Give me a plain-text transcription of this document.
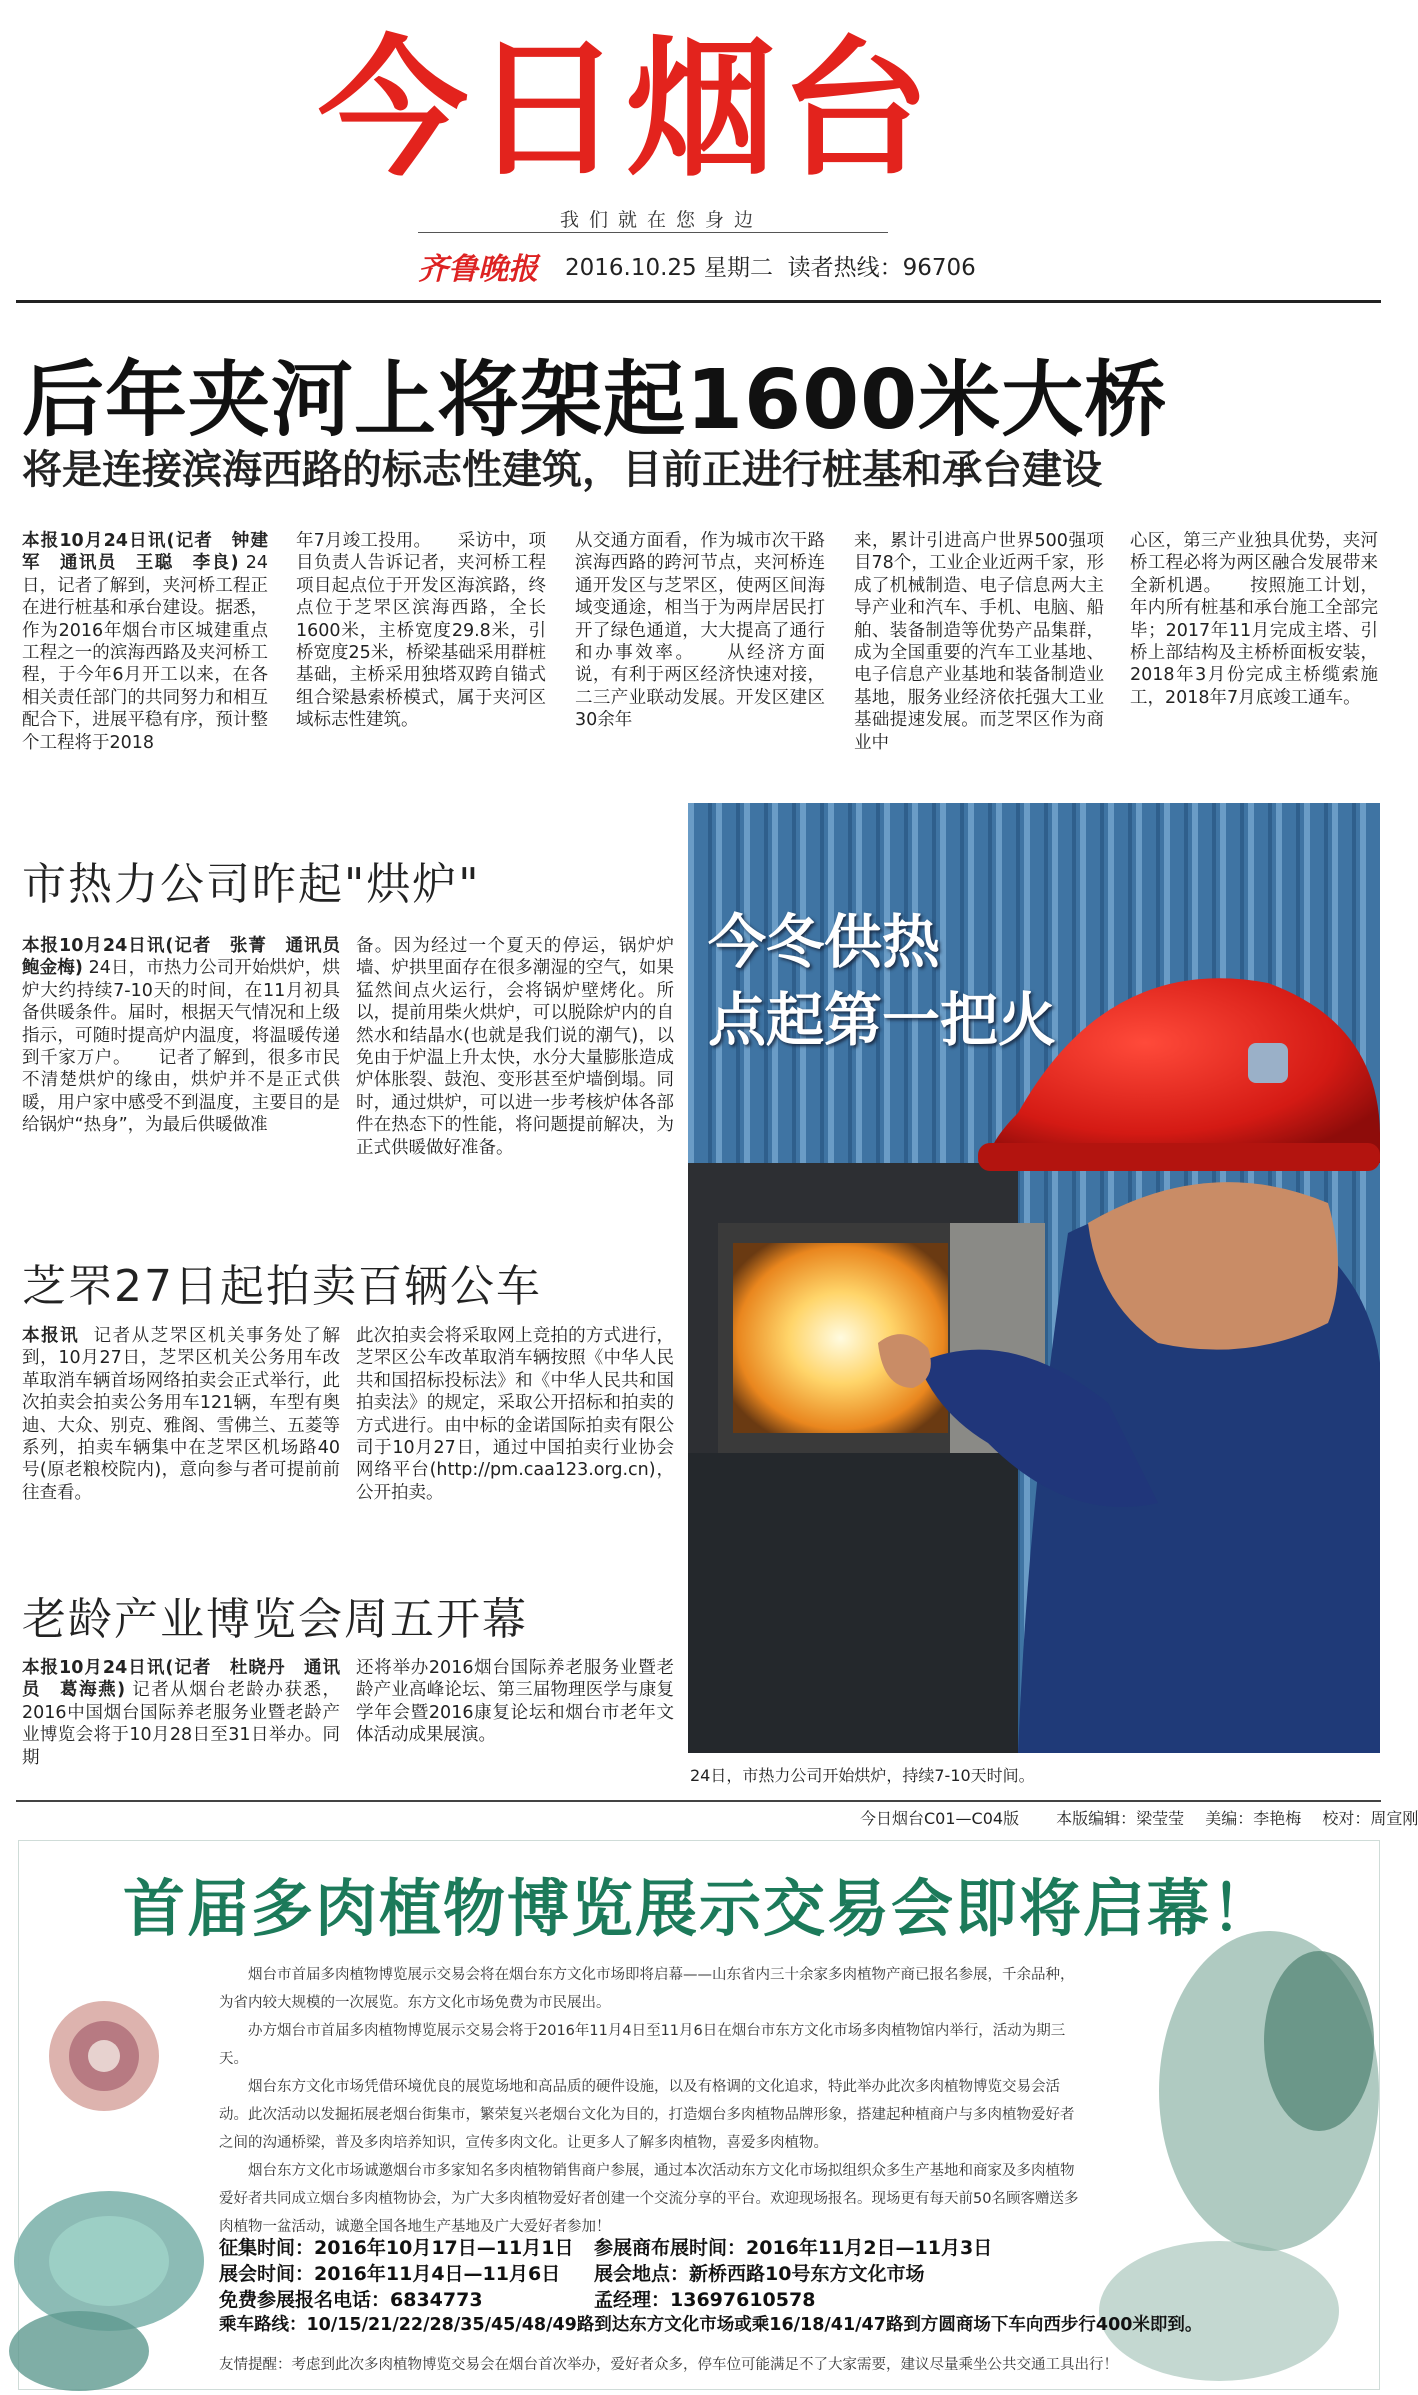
今日烟台
我们就在您身边
齐鲁晚报 2016.10.25 星期二 读者热线：96706
后年夹河上将架起1600米大桥
将是连接滨海西路的标志性建筑，目前正进行桩基和承台建设
本报10月24日讯(记者　钟建军　通讯员　王聪　李良) 24日，记者了解到，夹河桥工程正在进行桩基和承台建设。据悉，作为2016年烟台市区城建重点工程之一的滨海西路及夹河桥工程，于今年6月开工以来，在各相关责任部门的共同努力和相互配合下，进展平稳有序，预计整个工程将于2018
年7月竣工投用。　　采访中，项目负责人告诉记者，夹河桥工程项目起点位于开发区海滨路，终点位于芝罘区滨海西路，全长1600米，主桥宽度29.8米，引桥宽度25米，桥梁基础采用群桩基础，主桥采用独塔双跨自锚式组合梁悬索桥模式，属于夹河区域标志性建筑。
从交通方面看，作为城市次干路滨海西路的跨河节点，夹河桥连通开发区与芝罘区，使两区间海域变通途，相当于为两岸居民打开了绿色通道，大大提高了通行和办事效率。　　从经济方面说，有利于两区经济快速对接，二三产业联动发展。开发区建区30余年
来，累计引进高户世界500强项目78个，工业企业近两千家，形成了机械制造、电子信息两大主导产业和汽车、手机、电脑、船舶、装备制造等优势产品集群，成为全国重要的汽车工业基地、电子信息产业基地和装备制造业基地，服务业经济依托强大工业基础提速发展。而芝罘区作为商业中
心区，第三产业独具优势，夹河桥工程必将为两区融合发展带来全新机遇。　　按照施工计划，年内所有桩基和承台施工全部完毕；2017年11月完成主塔、引桥上部结构及主桥桥面板安装，2018年3月份完成主桥缆索施工，2018年7月底竣工通车。
市热力公司昨起"烘炉"
本报10月24日讯(记者　张菁　通讯员　鲍金梅) 24日，市热力公司开始烘炉，烘炉大约持续7-10天的时间，在11月初具备供暖条件。届时，根据天气情况和上级指示，可随时提高炉内温度，将温暖传递到千家万户。　　记者了解到，很多市民不清楚烘炉的缘由，烘炉并不是正式供暖，用户家中感受不到温度，主要目的是给锅炉“热身”，为最后供暖做准
备。因为经过一个夏天的停运，锅炉炉墙、炉拱里面存在很多潮湿的空气，如果猛然间点火运行，会将锅炉壁烤化。所以，提前用柴火烘炉，可以脱除炉内的自然水和结晶水(也就是我们说的潮气)，以免由于炉温上升太快，水分大量膨胀造成炉体胀裂、鼓泡、变形甚至炉墙倒塌。同时，通过烘炉，可以进一步考核炉体各部件在热态下的性能，将问题提前解决，为正式供暖做好准备。
芝罘27日起拍卖百辆公车
本报讯 记者从芝罘区机关事务处了解到，10月27日，芝罘区机关公务用车改革取消车辆首场网络拍卖会正式举行，此次拍卖会拍卖公务用车121辆，车型有奥迪、大众、别克、雅阁、雪佛兰、五菱等系列，拍卖车辆集中在芝罘区机场路40号(原老粮校院内)，意向参与者可提前前往查看。
此次拍卖会将采取网上竞拍的方式进行，芝罘区公车改革取消车辆按照《中华人民共和国招标投标法》和《中华人民共和国拍卖法》的规定，采取公开招标和拍卖的方式进行。由中标的金诺国际拍卖有限公司于10月27日，通过中国拍卖行业协会网络平台(http://pm.caa123.org.cn)，公开拍卖。
老龄产业博览会周五开幕
本报10月24日讯(记者　杜晓丹　通讯员　葛海燕) 记者从烟台老龄办获悉，2016中国烟台国际养老服务业暨老龄产业博览会将于10月28日至31日举办。同期
还将举办2016烟台国际养老服务业暨老龄产业高峰论坛、第三届物理医学与康复学年会暨2016康复论坛和烟台市老年文体活动成果展演。
今冬供热
点起第一把火
24日，市热力公司开始烘炉，持续7-10天时间。
今日烟台C01—C04版   本版编辑：梁莹莹  美编：李艳梅  校对：周宣刚
首届多肉植物博览展示交易会即将启幕！

烟台市首届多肉植物博览展示交易会将在烟台东方文化市场即将启幕——山东省内三十余家多肉植物产商已报名参展，千余品种，为省内较大规模的一次展览。东方文化市场免费为市民展出。

办方烟台市首届多肉植物博览展示交易会将于2016年11月4日至11月6日在烟台市东方文化市场多肉植物馆内举行，活动为期三天。

烟台东方文化市场凭借环境优良的展览场地和高品质的硬件设施，以及有格调的文化追求，特此举办此次多肉植物博览交易会活动。此次活动以发掘拓展老烟台街集市，繁荣复兴老烟台文化为目的，打造烟台多肉植物品牌形象，搭建起种植商户与多肉植物爱好者之间的沟通桥梁，普及多肉培养知识，宣传多肉文化。让更多人了解多肉植物，喜爱多肉植物。

烟台东方文化市场诚邀烟台市多家知名多肉植物销售商户参展，通过本次活动东方文化市场拟组织众多生产基地和商家及多肉植物爱好者共同成立烟台多肉植物协会，为广大多肉植物爱好者创建一个交流分享的平台。欢迎现场报名。现场更有每天前50名顾客赠送多肉植物一盆活动，诚邀全国各地生产基地及广大爱好者参加！

征集时间：2016年10月17日—11月1日 参展商布展时间：2016年11月2日—11月3日
展会时间：2016年11月4日—11月6日 展会地点：新桥西路10号东方文化市场
免费参展报名电话：6834773	孟经理：13697610578
乘车路线：10/15/21/22/28/35/45/48/49路到达东方文化市场或乘16/18/41/47路到方圆商场下车向西步行400米即到。
友情提醒：考虑到此次多肉植物博览交易会在烟台首次举办，爱好者众多，停车位可能满足不了大家需要，建议尽量乘坐公共交通工具出行！
